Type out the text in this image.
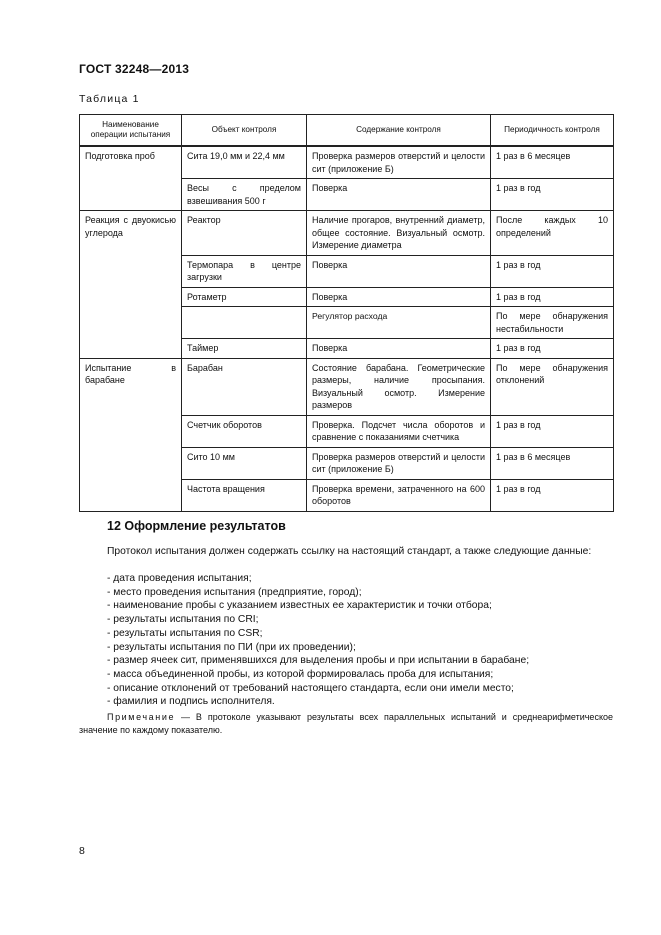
ГОСТ 32248—2013
Таблица 1
Наименование операции испытания	Объект контроля	Содержание контроля	Периодичность контроля
Подготовка проб	Сита 19,0 мм и 22,4 мм	Проверка размеров отверстий и целости сит (приложение Б)	1 раз в 6 месяцев
	Весы с пределом взвешивания 500 г	Поверка	1 раз в год
Реакция с двуокисью углерода	Реактор	Наличие прогаров, внутренний диаметр, общее состояние. Визуальный осмотр. Измерение диаметра	После каждых 10 определений
	Термопара в центре загрузки	Поверка	1 раз в год
	Ротаметр	Поверка	1 раз в год
		Регулятор расхода	По мере обнаружения нестабильности
	Таймер	Поверка	1 раз в год
Испытание в барабане	Барабан	Состояние барабана. Геометрические размеры, наличие просыпания. Визуальный осмотр. Измерение размеров	По мере обнаружения отклонений
	Счетчик оборотов	Проверка. Подсчет числа оборотов и сравнение с показаниями счетчика	1 раз в год
	Сито 10 мм	Проверка размеров отверстий и целости сит (приложение Б)	1 раз в 6 месяцев
	Частота вращения	Проверка времени, затраченного на 600 оборотов	1 раз в год
12 Оформление результатов
Протокол испытания должен содержать ссылку на настоящий стандарт, а также следующие данные:
- дата проведения испытания;
- место проведения испытания (предприятие, город);
- наименование пробы с указанием известных ее характеристик и точки отбора;
- результаты испытания по CRI;
- результаты испытания по CSR;
- результаты испытания по ПИ (при их проведении);
- размер ячеек сит, применявшихся для выделения пробы и при испытании в барабане;
- масса объединенной пробы, из которой формировалась проба для испытания;
- описание отклонений от требований настоящего стандарта, если они имели место;
- фамилия и подпись исполнителя.
Примечание — В протоколе указывают результаты всех параллельных испытаний и среднеарифметическое значение по каждому показателю.
8
